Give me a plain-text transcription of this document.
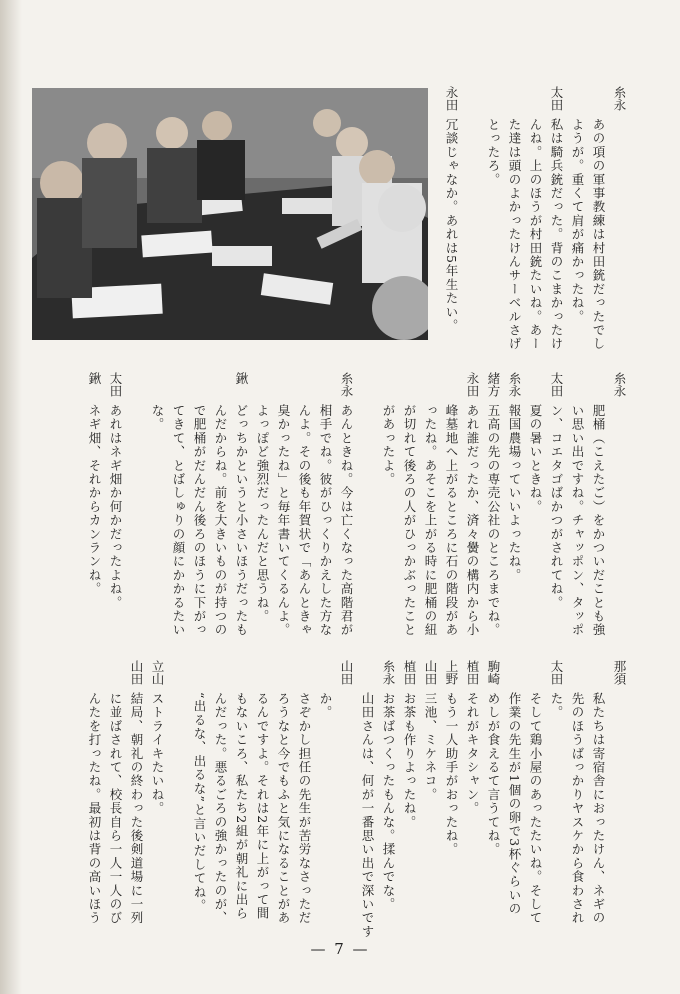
糸永
太田
永田
あの項の軍事教練は村田銃だったでし
ようが。重くて肩が痛かったね。
私は騎兵銃だった。背のこまかったけ
んね。上のほうが村田銃たいね。あー
た達は頭のよかったけんサーベルさげ
とったろ。
冗談じゃなか。あれは5年生たい。
糸永
太田
糸永
緒方
永田
糸永
鍬
太田
鍬
肥桶（こえたご）をかついだことも強
い思い出ですね。チャッポン、タッポ
ン、コエタゴばかつがされてね。
夏の暑いときね。
報国農場っていいよったね。
五高の先の専売公社のところまでね。
あれ誰だったか、済々黌の構内から小
峰墓地へ上がるところに石の階段があ
ったね。あそこを上がる時に肥桶の紐
が切れて後ろの人がひっかぶったこと
があったよ。
あんときね。今は亡くなった高階君が
相手でね。彼がひっくりかえした方な
んよ。その後も年賀状で「あんときゃ
臭かったね」と毎年書いてくるんよ。
よっぽど強烈だったんだと思うね。
どっちかというと小さいほうだったも
んだからね。前を大きいものが持つの
で肥桶がだんだん後ろのほうに下がっ
てきて、とばしゅりの顔にかかるたい
な。
あれはネギ畑か何かだったよね。
ネギ畑、それからカンランね。
那須
太田
駒崎
植田
上野
山田
植田
糸永
山田
立山
山田
私たちは寄宿舎におったけん、ネギの
先のほうばっかりヤスケから食わされ
た。
そして鶏小屋のあったたいね。そして
作業の先生が1個の卵で3杯ぐらいの
めしが食えるて言うてね。
それがキタシャン。
もう一人助手がおったね。
三池、ミケネコ。
お茶も作りよったね。
お茶ばつくったもんな。揉んでな。
山田さんは、何が一番思い出で深いです
か。
さぞかし担任の先生が苦労なさっただ
ろうなと今でもふと気になることがあ
るんですよ。それは2年に上がって間
もないころ、私たち2組が朝礼に出ら
んだった。悪るごろの強かったのが、
“出るな、出るな”と言いだしてね。
ストライキたいね。
結局、朝礼の終わった後剣道場に一列
に並ばされて、校長自ら一人一人のび
んたを打ったね。最初は背の高いほう
— 7 —
